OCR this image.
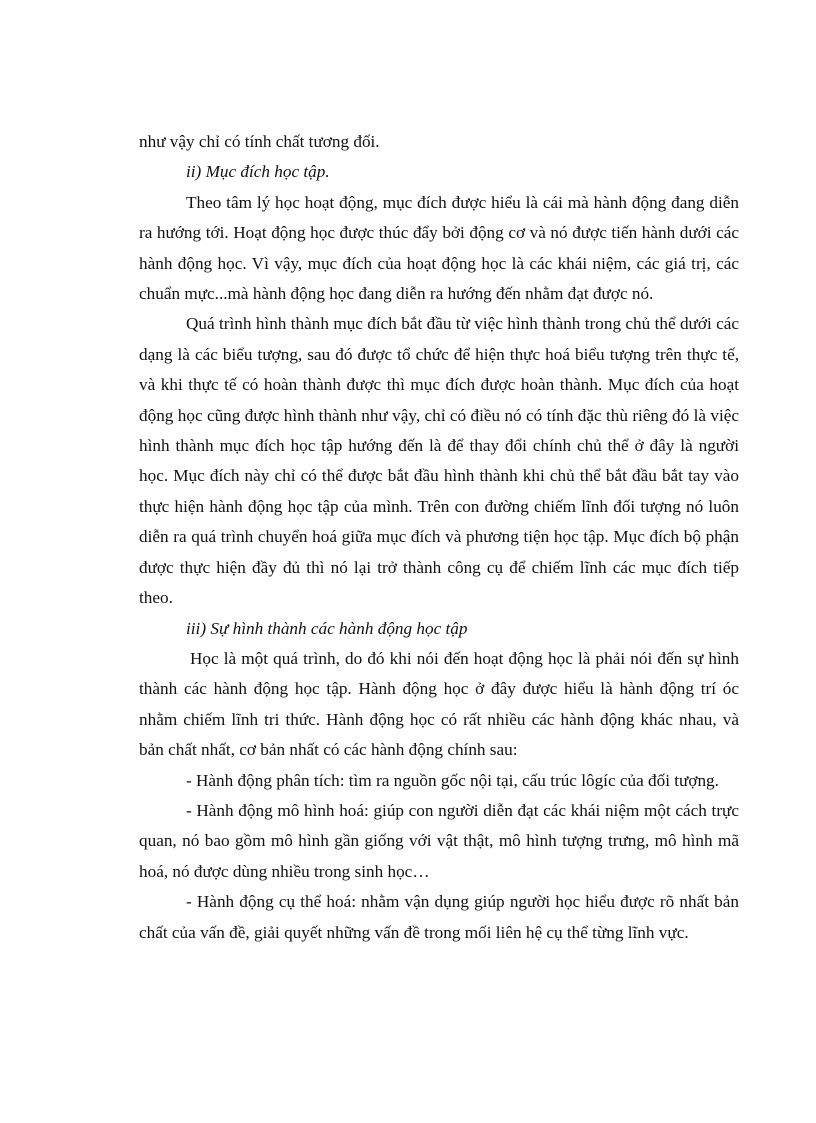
như vậy chỉ có tính chất tương đối.

ii) Mục đích học tập.

Theo tâm lý học hoạt động, mục đích được hiểu là cái mà hành động đang diễn ra hướng tới. Hoạt động học được thúc đẩy bởi động cơ và nó được tiến hành dưới các hành động học. Vì vậy, mục đích của hoạt động học là các khái niệm, các giá trị, các chuẩn mực...mà hành động học đang diễn ra hướng đến nhằm đạt được nó.

Quá trình hình thành mục đích bắt đầu từ việc hình thành trong chủ thể dưới các dạng là các biểu tượng, sau đó được tổ chức để hiện thực hoá biểu tượng trên thực tế, và khi thực tế có hoàn thành được thì mục đích được hoàn thành. Mục đích của hoạt động học cũng được hình thành như vậy, chỉ có điều nó có tính đặc thù riêng đó là việc hình thành mục đích học tập hướng đến là để thay đổi chính chủ thể ở đây là người học. Mục đích này chỉ có thể được bắt đầu hình thành khi chủ thể bắt đầu bắt tay vào thực hiện hành động học tập của mình. Trên con đường chiếm lĩnh đối tượng nó luôn diễn ra quá trình chuyển hoá giữa mục đích và phương tiện học tập. Mục đích bộ phận được thực hiện đầy đủ thì nó lại trở thành công cụ để chiếm lĩnh các mục đích tiếp theo.

iii) Sự hình thành các hành động học tập

Học là một quá trình, do đó khi nói đến hoạt động học là phải nói đến sự hình thành các hành động học tập. Hành động học ở đây được hiểu là hành động trí óc nhằm chiếm lĩnh tri thức. Hành động học có rất nhiều các hành động khác nhau, và bản chất nhất, cơ bản nhất có các hành động chính sau:

- Hành động phân tích: tìm ra nguồn gốc nội tại, cấu trúc lôgíc của đối tượng.

- Hành động mô hình hoá: giúp con người diễn đạt các khái niệm một cách trực quan, nó bao gồm mô hình gần giống với vật thật, mô hình tượng trưng, mô hình mã hoá, nó được dùng nhiều trong sinh học…

- Hành động cụ thể hoá: nhằm vận dụng giúp người học hiểu được rõ nhất bản chất của vấn đề, giải quyết những vấn đề trong mối liên hệ cụ thể từng lĩnh vực.
